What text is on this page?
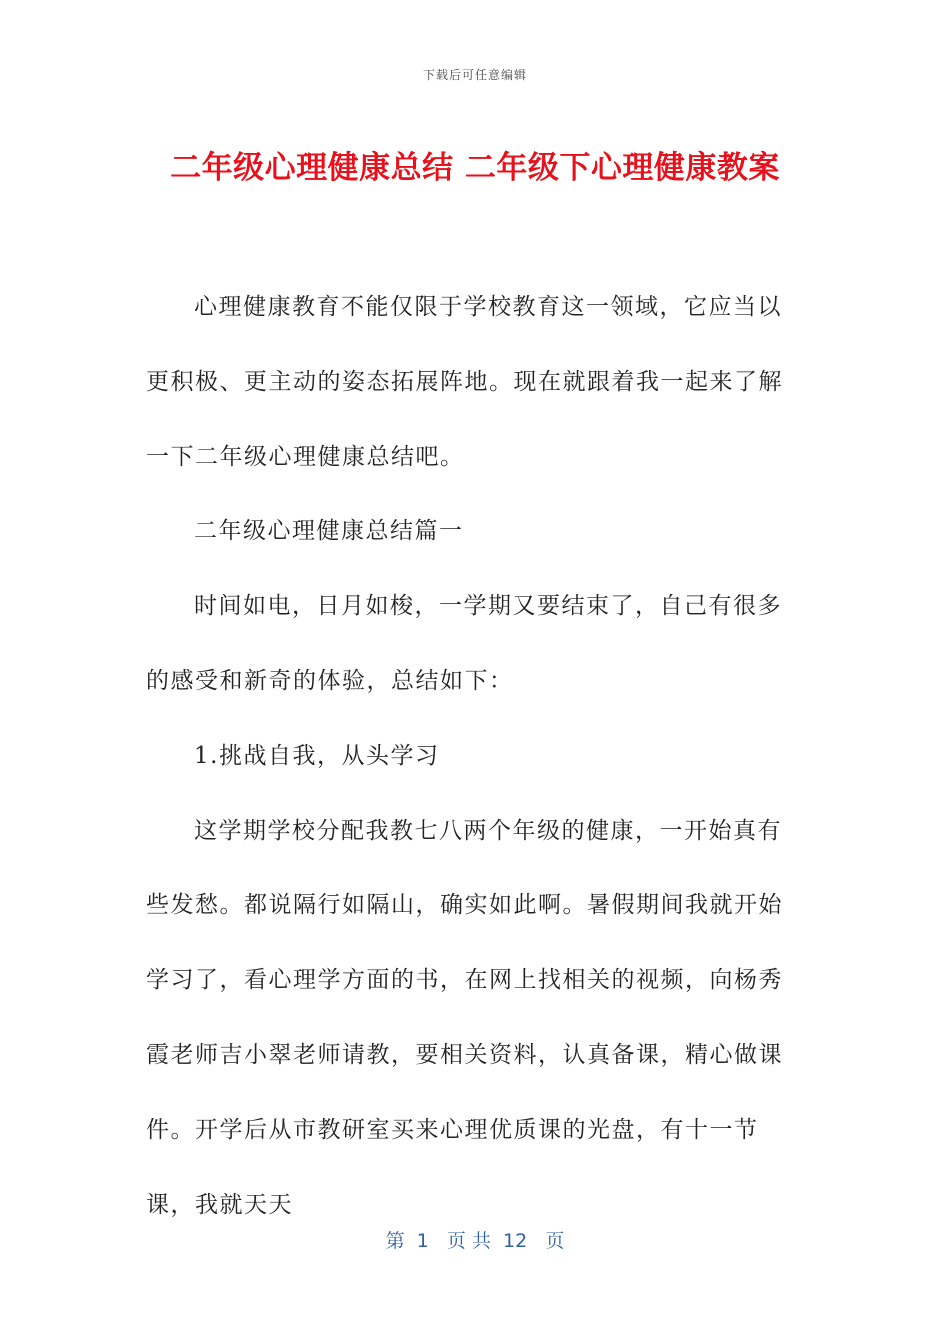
下载后可任意编辑
二年级心理健康总结 二年级下心理健康教案

心理健康教育不能仅限于学校教育这一领域，它应当以更积极、更主动的姿态拓展阵地。现在就跟着我一起来了解一下二年级心理健康总结吧。

二年级心理健康总结篇一

时间如电，日月如梭，一学期又要结束了，自己有很多的感受和新奇的体验，总结如下：

1.挑战自我，从头学习

这学期学校分配我教七八两个年级的健康，一开始真有些发愁。都说隔行如隔山，确实如此啊。暑假期间我就开始学习了，看心理学方面的书，在网上找相关的视频，向杨秀霞老师吉小翠老师请教，要相关资料，认真备课，精心做课件。开学后从市教研室买来心理优质课的光盘，有十一节课，我就天天

第  1   页 共  12   页
